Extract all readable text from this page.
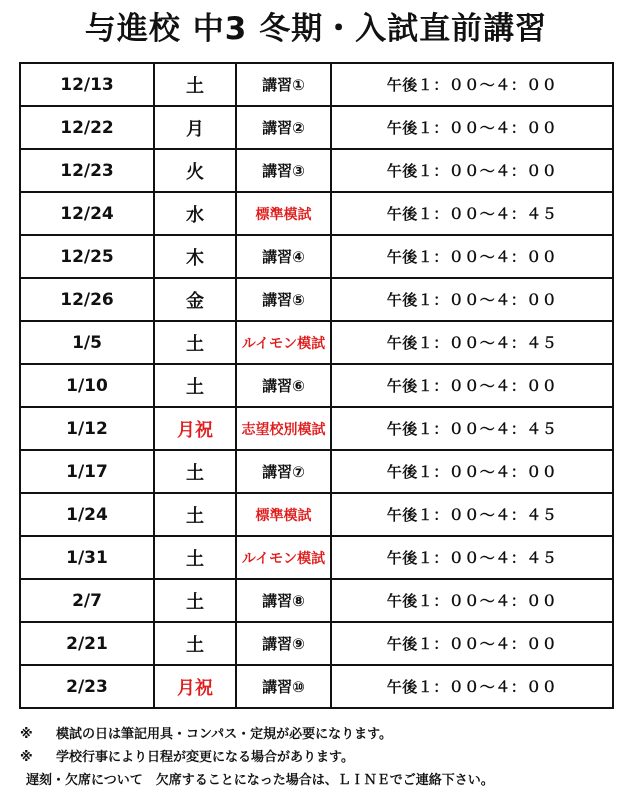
与進校 中3 冬期・入試直前講習
12/13	土	講習①	午後１：００～４：００
12/22	月	講習②	午後１：００～４：００
12/23	火	講習③	午後１：００～４：００
12/24	水	標準模試	午後１：００～４：４５
12/25	木	講習④	午後１：００～４：００
12/26	金	講習⑤	午後１：００～４：００
1/5	土	ルイモン模試	午後１：００～４：４５
1/10	土	講習⑥	午後１：００～４：００
1/12	月祝	志望校別模試	午後１：００～４：４５
1/17	土	講習⑦	午後１：００～４：００
1/24	土	標準模試	午後１：００～４：４５
1/31	土	ルイモン模試	午後１：００～４：４５
2/7	土	講習⑧	午後１：００～４：００
2/21	土	講習⑨	午後１：００～４：００
2/23	月祝	講習⑩	午後１：００～４：００
※ 模試の日は筆記用具・コンパス・定規が必要になります。
※ 学校行事により日程が変更になる場合があります。
遅刻・欠席について　欠席することになった場合は、ＬＩＮＥでご連絡下さい。
